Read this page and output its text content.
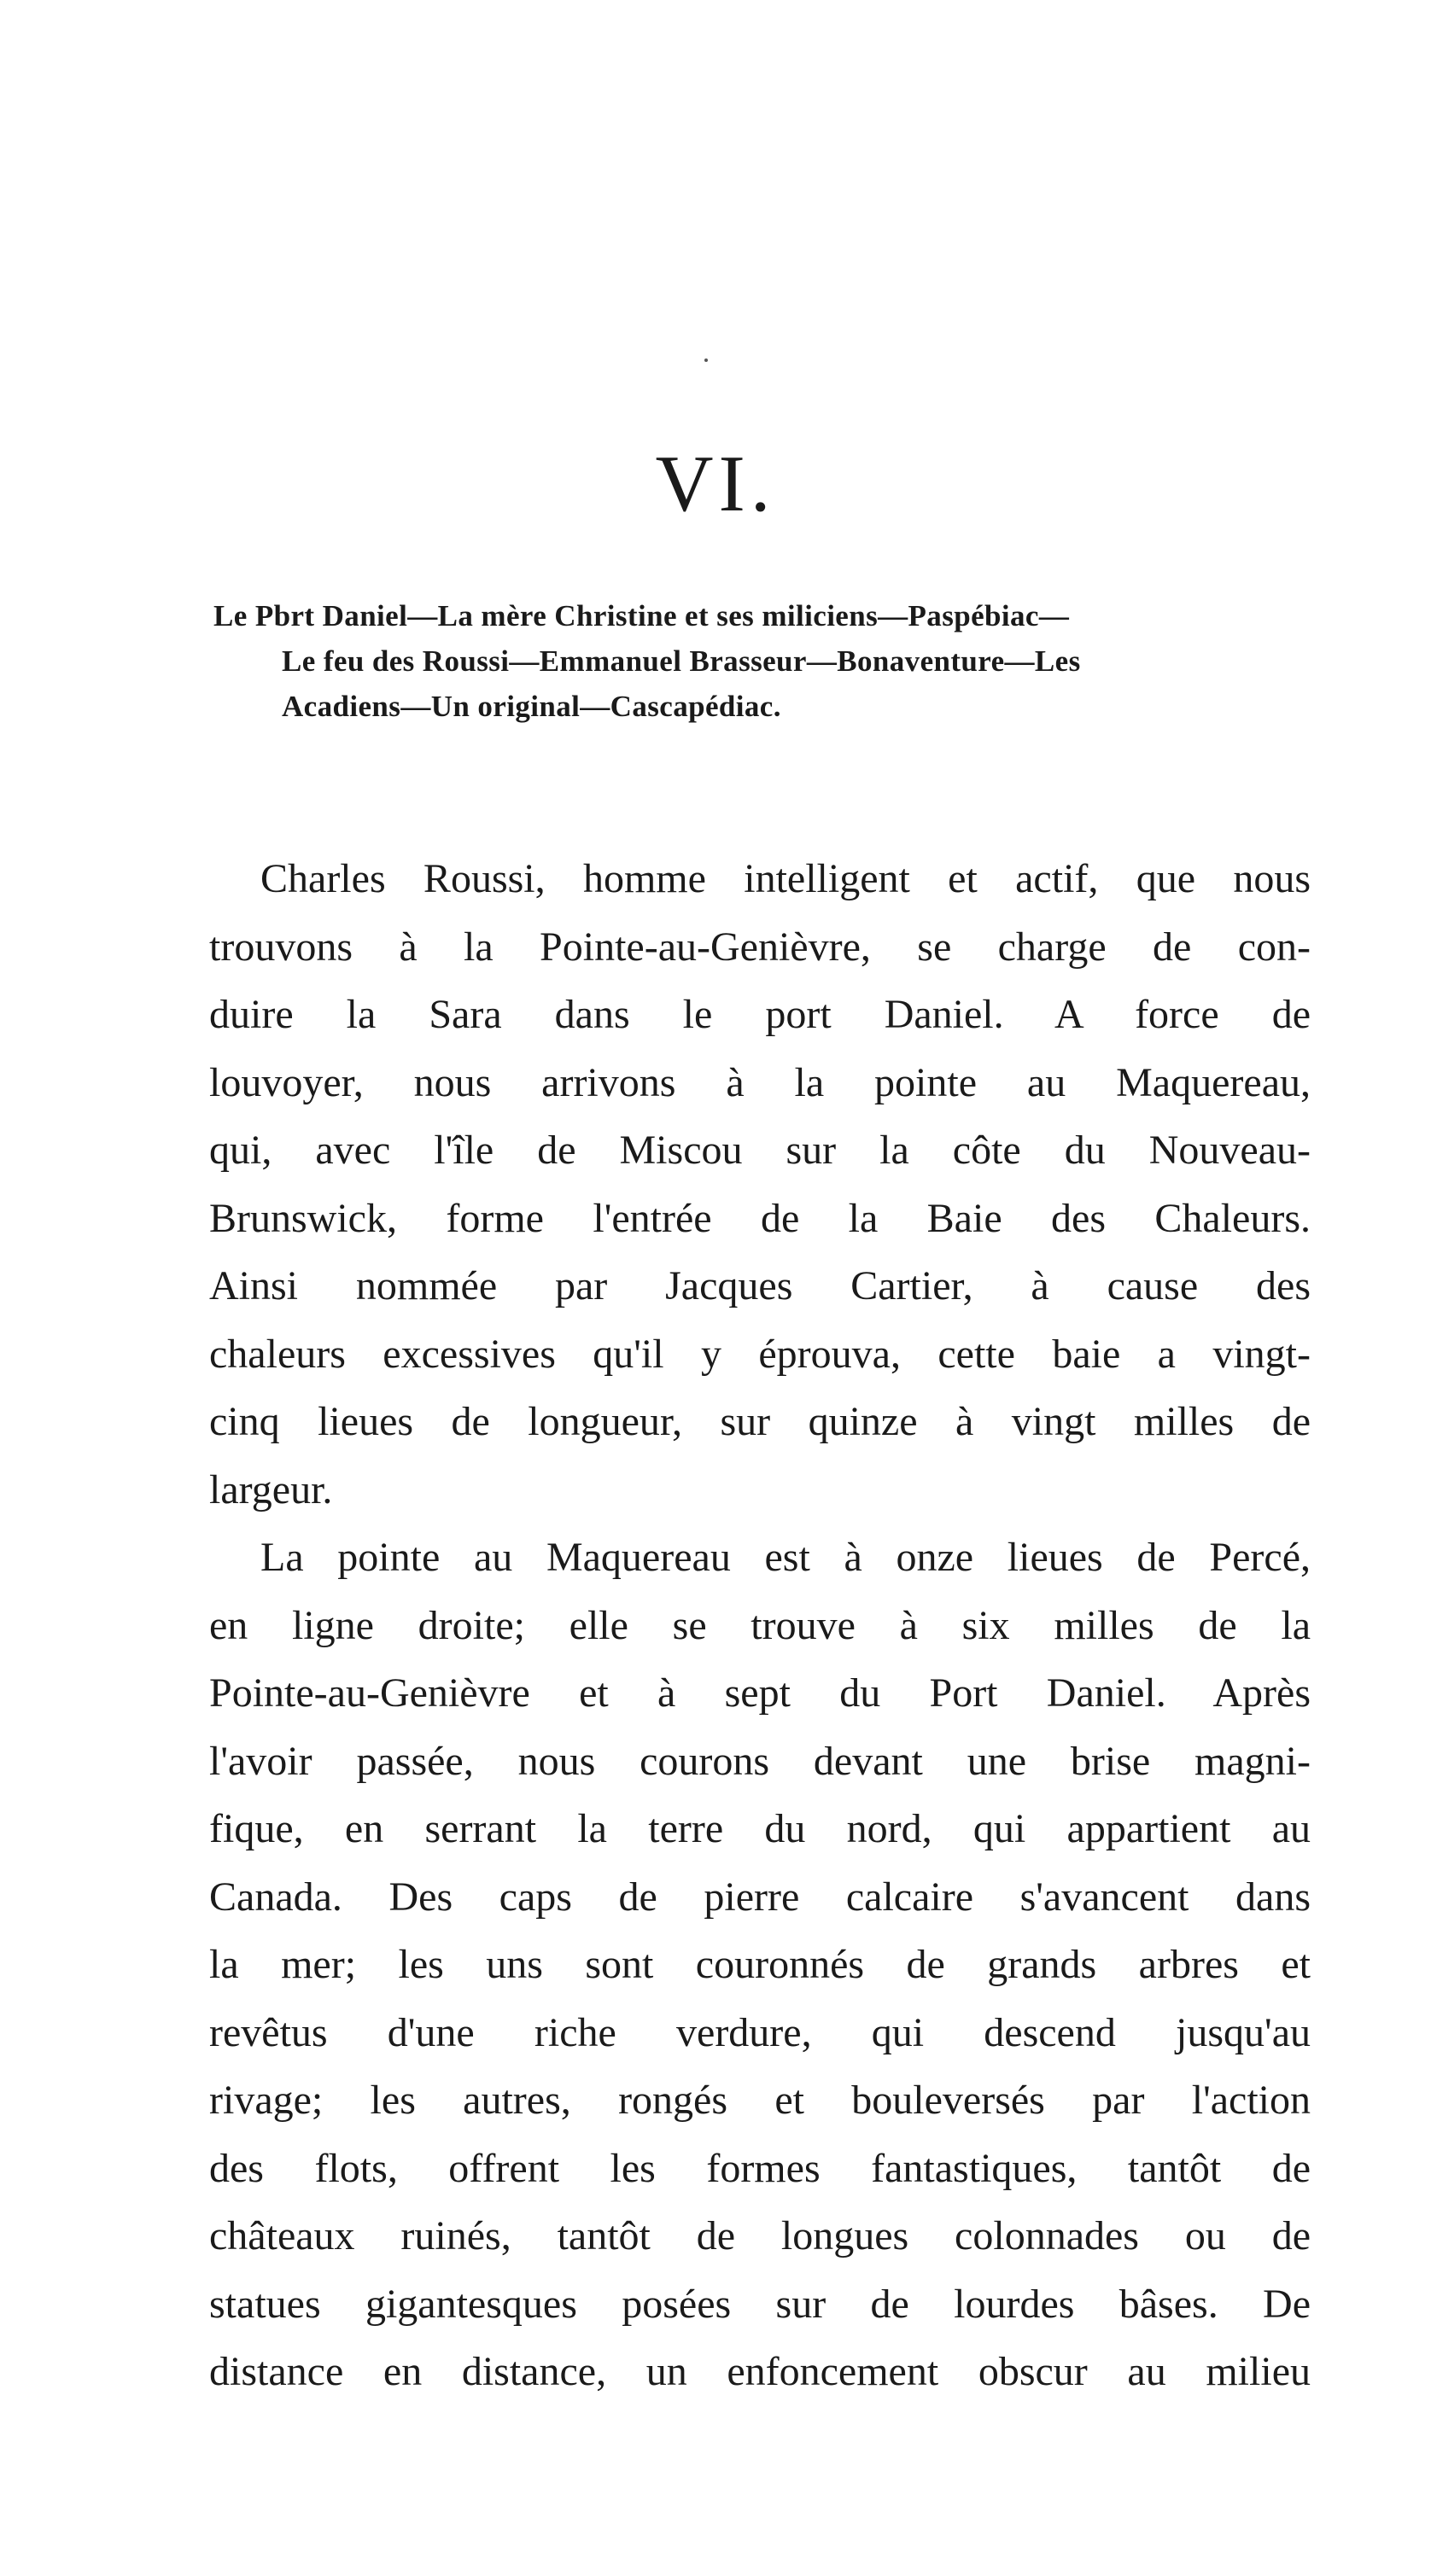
VI.
Le Pbrt Daniel—La mère Christine et ses miliciens—Paspébiac—
Le feu des Roussi—Emmanuel Brasseur—Bonaventure—Les
Acadiens—Un original—Cascapédiac.

Charles Roussi, homme intelligent et actif, que nous
trouvons à la Pointe-au-Genièvre, se charge de con-
duire la Sara dans le port Daniel. A force de
louvoyer, nous arrivons à la pointe au Maquereau,
qui, avec l'île de Miscou sur la côte du Nouveau-
Brunswick, forme l'entrée de la Baie des Chaleurs.
Ainsi nommée par Jacques Cartier, à cause des
chaleurs excessives qu'il y éprouva, cette baie a vingt-
cinq lieues de longueur, sur quinze à vingt milles de
largeur.

La pointe au Maquereau est à onze lieues de Percé,
en ligne droite; elle se trouve à six milles de la
Pointe-au-Genièvre et à sept du Port Daniel. Après
l'avoir passée, nous courons devant une brise magni-
fique, en serrant la terre du nord, qui appartient au
Canada. Des caps de pierre calcaire s'avancent dans
la mer; les uns sont couronnés de grands arbres et
revêtus d'une riche verdure, qui descend jusqu'au
rivage; les autres, rongés et bouleversés par l'action
des flots, offrent les formes fantastiques, tantôt de
châteaux ruinés, tantôt de longues colonnades ou de
statues gigantesques posées sur de lourdes bâses. De
distance en distance, un enfoncement obscur au milieu
